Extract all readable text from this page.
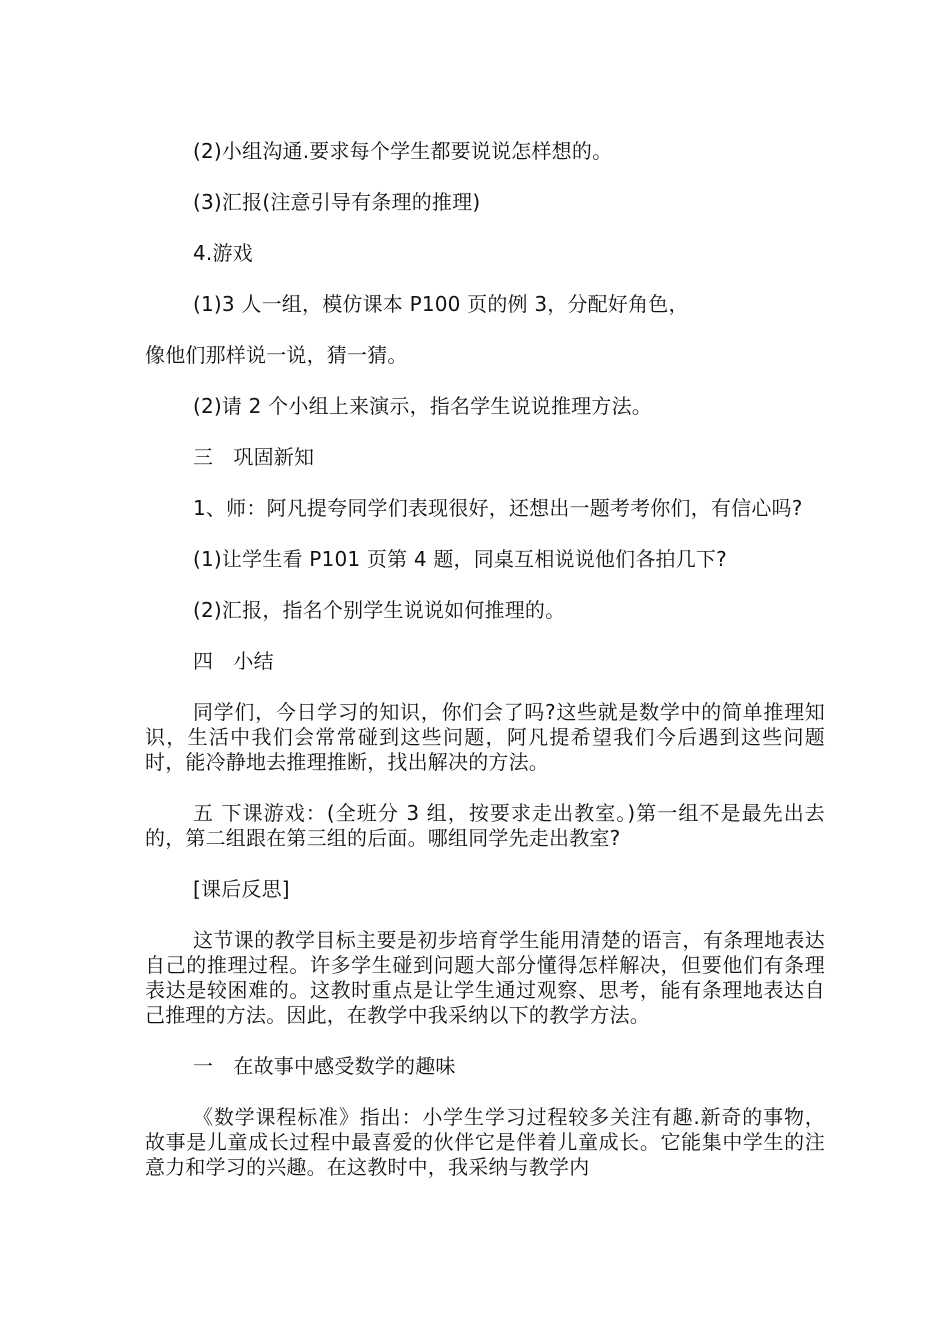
(2)小组沟通.要求每个学生都要说说怎样想的。

(3)汇报(注意引导有条理的推理)

4.游戏

(1)3 人一组，模仿课本 P100 页的例 3，分配好角色，

像他们那样说一说，猜一猜。

(2)请 2 个小组上来演示，指名学生说说推理方法。

三　巩固新知

1、师：阿凡提夸同学们表现很好，还想出一题考考你们，有信心吗?

(1)让学生看 P101 页第 4 题，同桌互相说说他们各拍几下?

(2)汇报，指名个别学生说说如何推理的。

四　小结

同学们，今日学习的知识，你们会了吗?这些就是数学中的简单推理知识，生活中我们会常常碰到这些问题，阿凡提希望我们今后遇到这些问题时，能冷静地去推理推断，找出解决的方法。

五 下课游戏：(全班分 3 组，按要求走出教室。)第一组不是最先出去的，第二组跟在第三组的后面。哪组同学先走出教室?

[课后反思]

这节课的教学目标主要是初步培育学生能用清楚的语言，有条理地表达自己的推理过程。许多学生碰到问题大部分懂得怎样解决，但要他们有条理表达是较困难的。这教时重点是让学生通过观察、思考，能有条理地表达自己推理的方法。因此，在教学中我采纳以下的教学方法。

一　在故事中感受数学的趣味

《数学课程标准》指出：小学生学习过程较多关注有趣.新奇的事物，故事是儿童成长过程中最喜爱的伙伴它是伴着儿童成长。它能集中学生的注意力和学习的兴趣。在这教时中，我采纳与教学内
